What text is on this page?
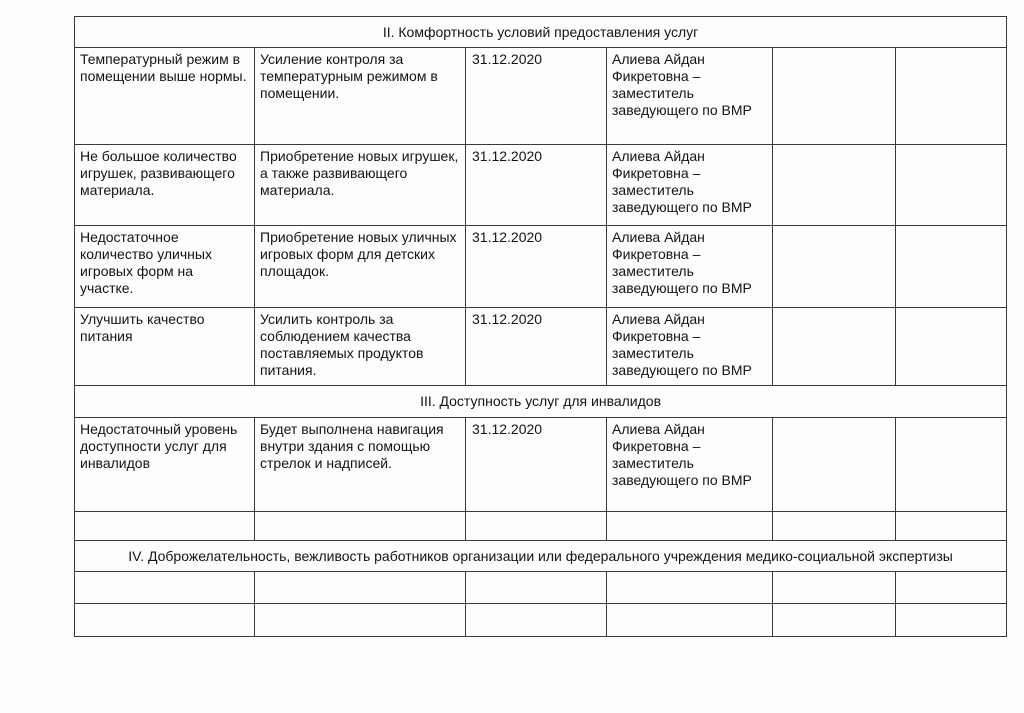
II. Комфортность условий предоставления услуг					
Температурный режим в помещении выше нормы.	Усиление контроля за температурным режимом в помещении.	31.12.2020	Алиева Айдан Фикретовна – заместитель заведующего по ВМР		
Не большое количество игрушек, развивающего материала.	Приобретение новых игрушек, а также развивающего материала.	31.12.2020	Алиева Айдан Фикретовна – заместитель заведующего по ВМР		
Недостаточное количество уличных игровых форм на участке.	Приобретение новых уличных игровых форм для детских площадок.	31.12.2020	Алиева Айдан Фикретовна – заместитель заведующего по ВМР		
Улучшить качество питания	Усилить контроль за соблюдением качества поставляемых продуктов питания.	31.12.2020	Алиева Айдан Фикретовна – заместитель заведующего по ВМР		
III. Доступность услуг для инвалидов					
Недостаточный уровень доступности услуг для инвалидов	Будет выполнена навигация внутри здания с помощью стрелок и надписей.	31.12.2020	Алиева Айдан Фикретовна – заместитель заведующего по ВМР		

IV. Доброжелательность, вежливость работников организации или федерального учреждения медико-социальной экспертизы					
